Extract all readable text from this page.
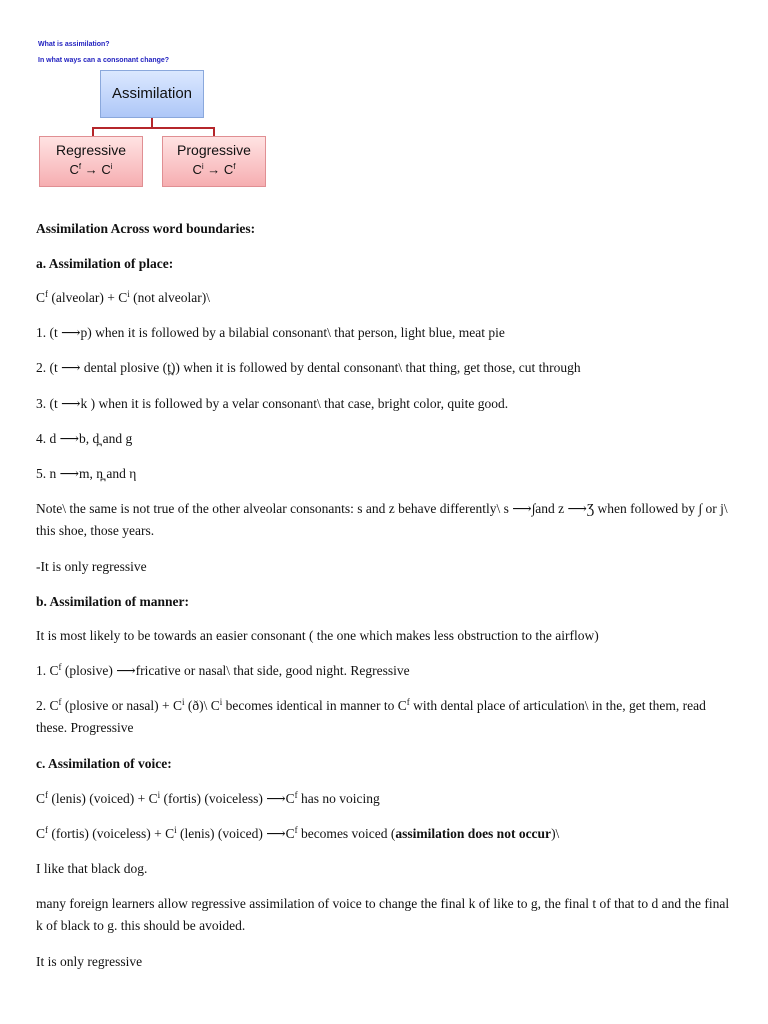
What is assimilation?
In what ways can a consonant change?
Assimilation
Regressive
$C^f \to C^i$
Progressive
$C^i \to C^f$
Assimilation Across word boundaries:
a. Assimilation of place:
$C^f$ (alveolar) + $C^i$ (not alveolar)\
1. (t ⟶p) when it is followed by a bilabial consonant\ that person, light blue, meat pie
2. (t ⟶ dental plosive (t̪)) when it is followed by dental consonant\ that thing, get those, cut through
3. (t ⟶k ) when it is followed by a velar consonant\ that case, bright color, quite good.
4. d ⟶b, d̪ and g
5. n ⟶m, n̪ and η
Note\ the same is not true of the other alveolar consonants: s and z behave differently\ s ⟶∫and z ⟶Ʒ when followed by ∫ or j\ this shoe, those years.
-It is only regressive
b. Assimilation of manner:
It is most likely to be towards an easier consonant ( the one which makes less obstruction to the airflow)
1. $C^f$ (plosive) ⟶fricative or nasal\ that side, good night. Regressive
2. $C^f$ (plosive or nasal) + $C^i$ (ð)\ $C^i$ becomes identical in manner to $C^f$ with dental place of articulation\ in the, get them, read these. Progressive
c. Assimilation of voice:
$C^f$ (lenis) (voiced) + $C^i$ (fortis) (voiceless) $⟶C^f$ has no voicing
$C^f$ (fortis) (voiceless) + $C^i$ (lenis) (voiced) $⟶C^f$ becomes voiced (assimilation does not occur)\
I like that black dog.
many foreign learners allow regressive assimilation of voice to change the final k of like to g, the final t of that to d and the final k of black to g. this should be avoided.
It is only regressive
